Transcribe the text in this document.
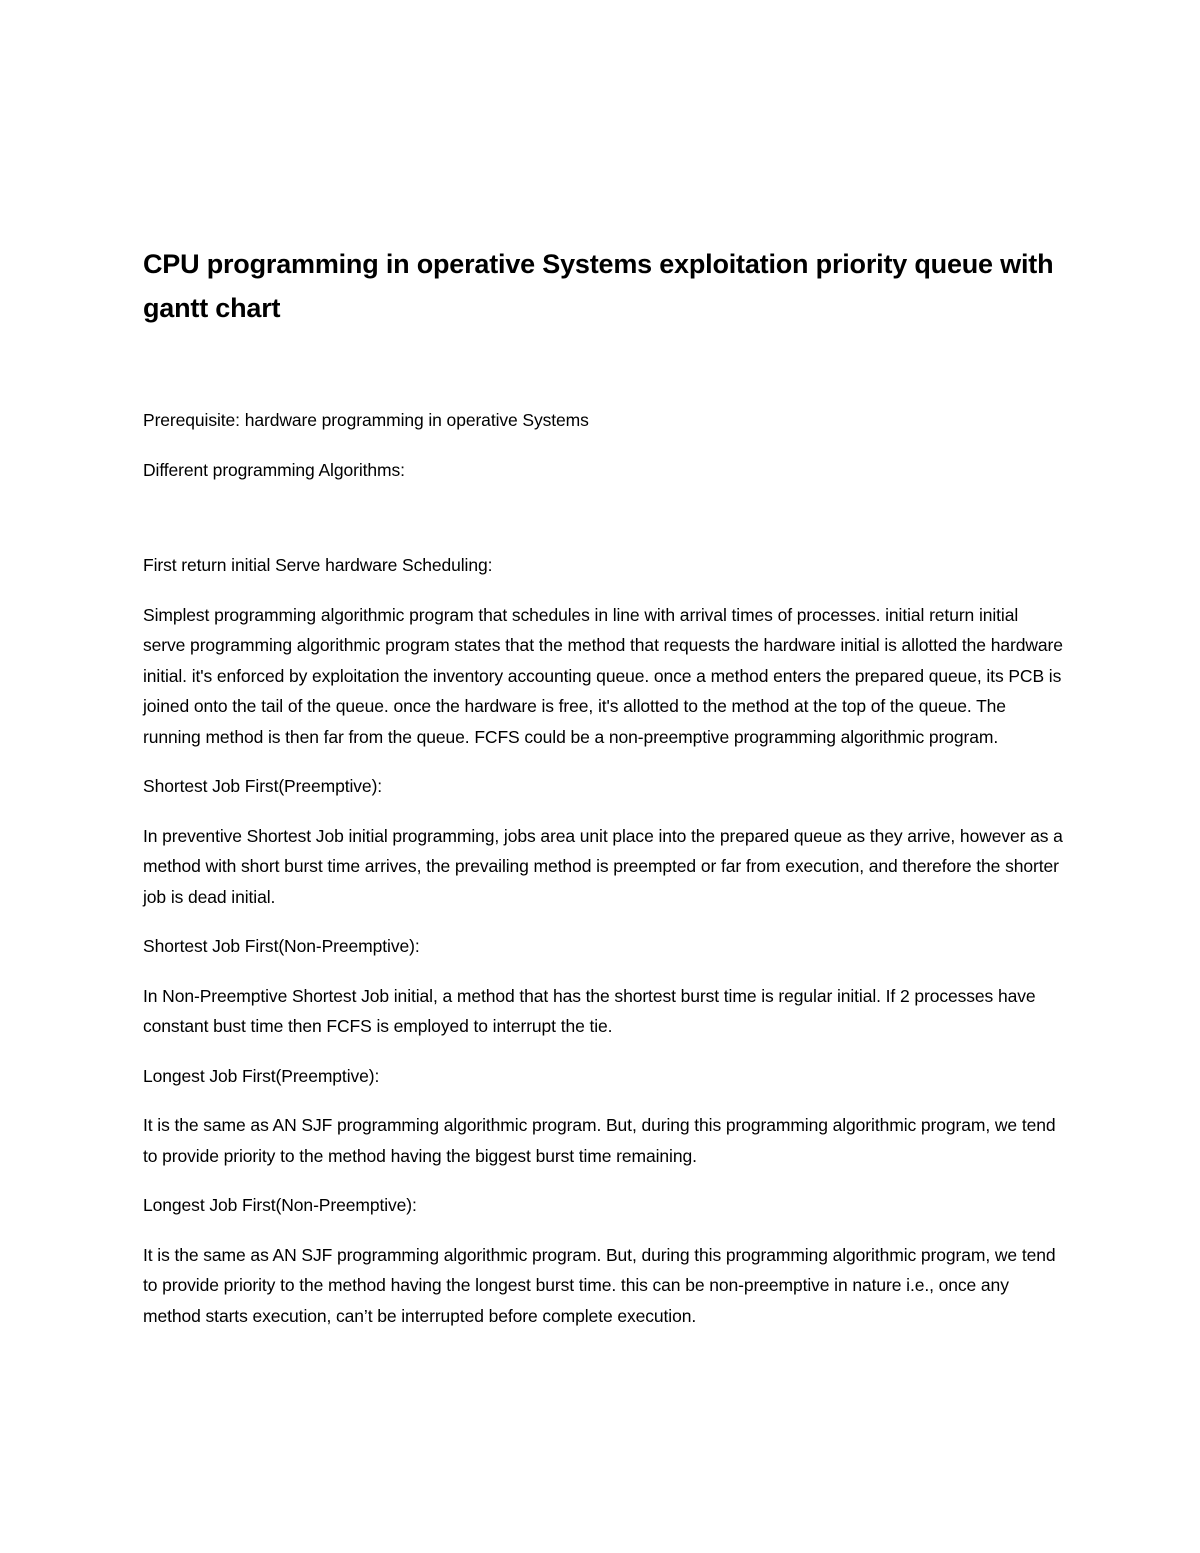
CPU programming in operative Systems exploitation priority queue with gantt chart

Prerequisite: hardware programming in operative Systems

Different programming Algorithms:

First return initial Serve hardware Scheduling:

Simplest programming algorithmic program that schedules in line with arrival times of processes. initial return initial serve programming algorithmic program states that the method that requests the hardware initial is allotted the hardware initial. it's enforced by exploitation the inventory accounting queue. once a method enters the prepared queue, its PCB is joined onto the tail of the queue. once the hardware is free, it's allotted to the method at the top of the queue. The running method is then far from the queue. FCFS could be a non-preemptive programming algorithmic program.

Shortest Job First(Preemptive):

In preventive Shortest Job initial programming, jobs area unit place into the prepared queue as they arrive, however as a method with short burst time arrives, the prevailing method is preempted or far from execution, and therefore the shorter job is dead initial.

Shortest Job First(Non-Preemptive):

In Non-Preemptive Shortest Job initial, a method that has the shortest burst time is regular initial. If 2 processes have constant bust time then FCFS is employed to interrupt the tie.

Longest Job First(Preemptive):

It is the same as AN SJF programming algorithmic program. But, during this programming algorithmic program, we tend to provide priority to the method having the biggest burst time remaining.

Longest Job First(Non-Preemptive):

It is the same as AN SJF programming algorithmic program. But, during this programming algorithmic program, we tend to provide priority to the method having the longest burst time. this can be non-preemptive in nature i.e., once any method starts execution, can’t be interrupted before complete execution.
